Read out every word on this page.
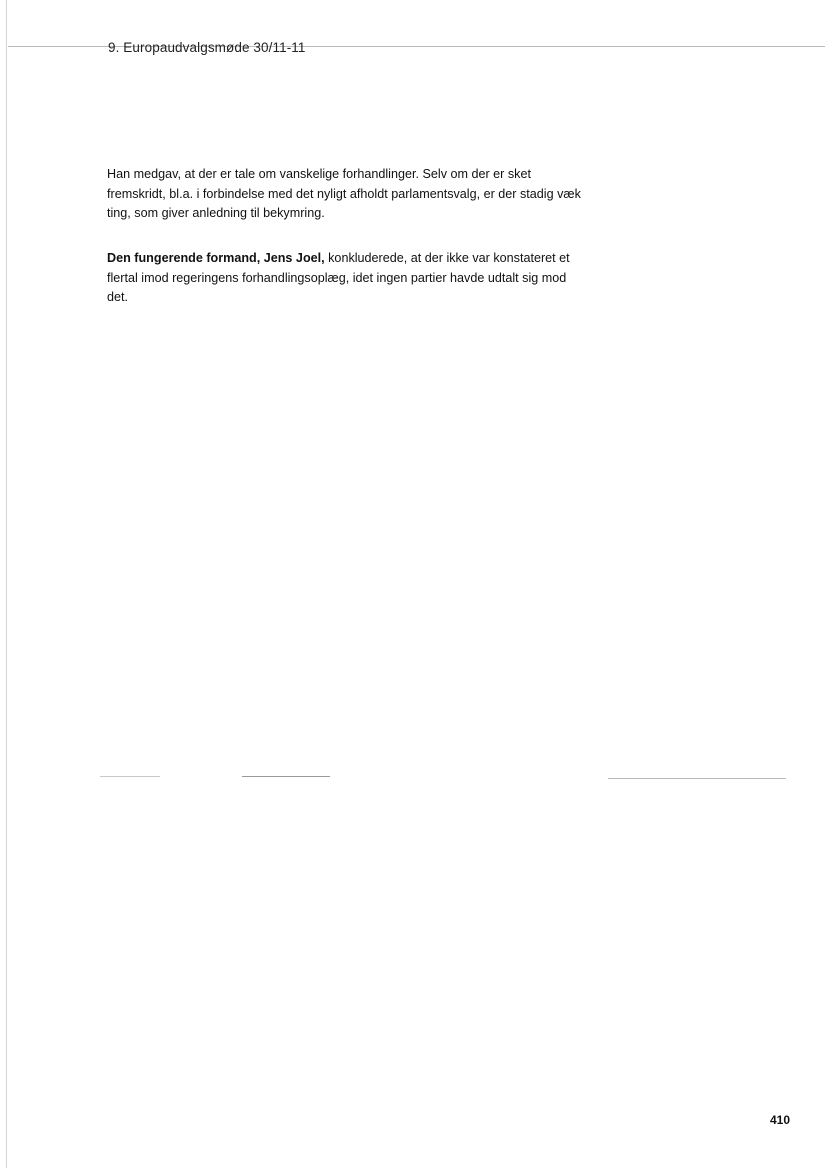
9. Europaudvalgsmøde 30/11-11

Han medgav, at der er tale om vanskelige forhandlinger. Selv om der er sket fremskridt, bl.a. i forbindelse med det nyligt afholdt parlamentsvalg, er der stadig væk ting, som giver anledning til bekymring.

Den fungerende formand, Jens Joel, konkluderede, at der ikke var konstateret et flertal imod regeringens forhandlingsoplæg, idet ingen partier havde udtalt sig mod det.

410
